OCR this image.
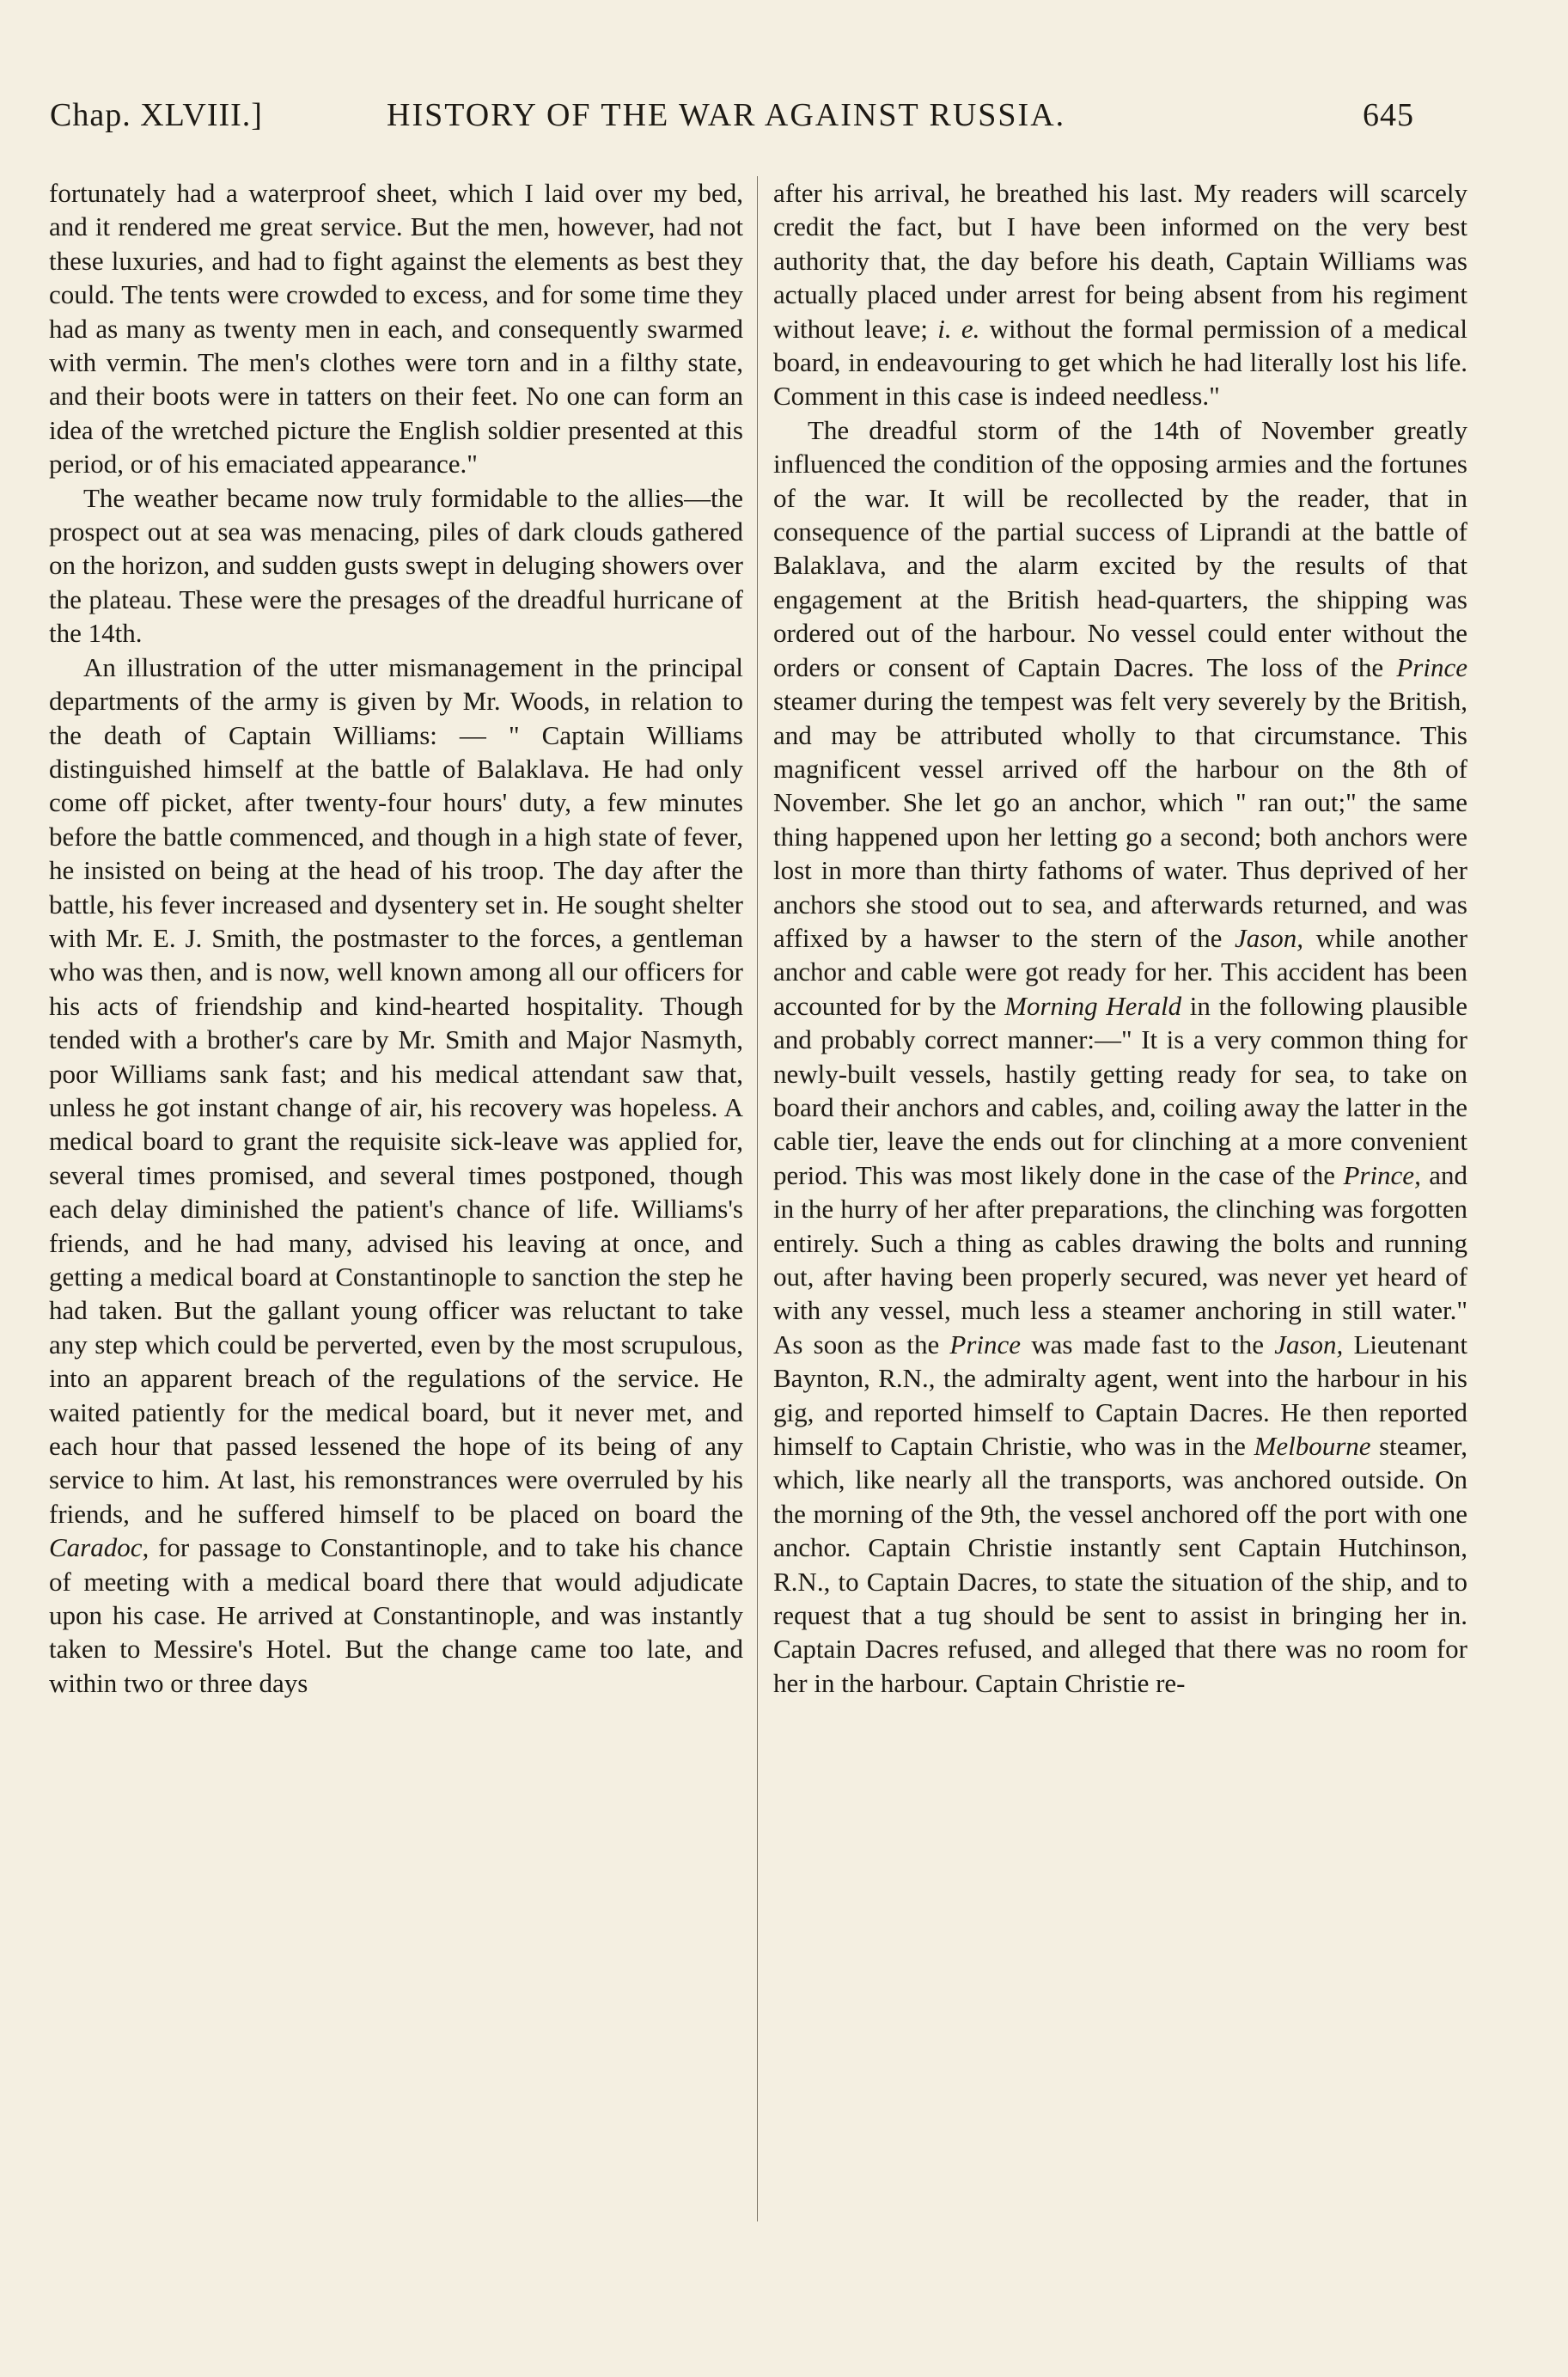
Chap. XLVIII.]	HISTORY OF THE WAR AGAINST RUSSIA.	645

fortunately had a waterproof sheet, which I laid over my bed, and it rendered me great service. But the men, however, had not these luxuries, and had to fight against the elements as best they could. The tents were crowded to excess, and for some time they had as many as twenty men in each, and consequently swarmed with vermin. The men's clothes were torn and in a filthy state, and their boots were in tatters on their feet. No one can form an idea of the wretched picture the English soldier presented at this period, or of his emaciated appearance."

The weather became now truly formidable to the allies—the prospect out at sea was menacing, piles of dark clouds gathered on the horizon, and sudden gusts swept in deluging showers over the plateau. These were the presages of the dreadful hurricane of the 14th.

An illustration of the utter mismanagement in the principal departments of the army is given by Mr. Woods, in relation to the death of Captain Williams: — " Captain Williams distinguished himself at the battle of Balaklava. He had only come off picket, after twenty-four hours' duty, a few minutes before the battle commenced, and though in a high state of fever, he insisted on being at the head of his troop. The day after the battle, his fever increased and dysentery set in. He sought shelter with Mr. E. J. Smith, the postmaster to the forces, a gentleman who was then, and is now, well known among all our officers for his acts of friendship and kind-hearted hospitality. Though tended with a brother's care by Mr. Smith and Major Nasmyth, poor Williams sank fast; and his medical attendant saw that, unless he got instant change of air, his recovery was hopeless. A medical board to grant the requisite sick-leave was applied for, several times promised, and several times postponed, though each delay diminished the patient's chance of life. Williams's friends, and he had many, advised his leaving at once, and getting a medical board at Constantinople to sanction the step he had taken. But the gallant young officer was reluctant to take any step which could be perverted, even by the most scrupulous, into an apparent breach of the regulations of the service. He waited patiently for the medical board, but it never met, and each hour that passed lessened the hope of its being of any service to him. At last, his remonstrances were overruled by his friends, and he suffered himself to be placed on board the Caradoc, for passage to Constantinople, and to take his chance of meeting with a medical board there that would adjudicate upon his case. He arrived at Constantinople, and was instantly taken to Messire's Hotel. But the change came too late, and within two or three days

after his arrival, he breathed his last. My readers will scarcely credit the fact, but I have been informed on the very best authority that, the day before his death, Captain Williams was actually placed under arrest for being absent from his regiment without leave; i. e. without the formal permission of a medical board, in endeavouring to get which he had literally lost his life. Comment in this case is indeed needless."

The dreadful storm of the 14th of November greatly influenced the condition of the opposing armies and the fortunes of the war. It will be recollected by the reader, that in consequence of the partial success of Liprandi at the battle of Balaklava, and the alarm excited by the results of that engagement at the British head-quarters, the shipping was ordered out of the harbour. No vessel could enter without the orders or consent of Captain Dacres. The loss of the Prince steamer during the tempest was felt very severely by the British, and may be attributed wholly to that circumstance. This magnificent vessel arrived off the harbour on the 8th of November. She let go an anchor, which " ran out;" the same thing happened upon her letting go a second; both anchors were lost in more than thirty fathoms of water. Thus deprived of her anchors she stood out to sea, and afterwards returned, and was affixed by a hawser to the stern of the Jason, while another anchor and cable were got ready for her. This accident has been accounted for by the Morning Herald in the following plausible and probably correct manner:—" It is a very common thing for newly-built vessels, hastily getting ready for sea, to take on board their anchors and cables, and, coiling away the latter in the cable tier, leave the ends out for clinching at a more convenient period. This was most likely done in the case of the Prince, and in the hurry of her after preparations, the clinching was forgotten entirely. Such a thing as cables drawing the bolts and running out, after having been properly secured, was never yet heard of with any vessel, much less a steamer anchoring in still water." As soon as the Prince was made fast to the Jason, Lieutenant Baynton, R.N., the admiralty agent, went into the harbour in his gig, and reported himself to Captain Dacres. He then reported himself to Captain Christie, who was in the Melbourne steamer, which, like nearly all the transports, was anchored outside. On the morning of the 9th, the vessel anchored off the port with one anchor. Captain Christie instantly sent Captain Hutchinson, R.N., to Captain Dacres, to state the situation of the ship, and to request that a tug should be sent to assist in bringing her in. Captain Dacres refused, and alleged that there was no room for her in the harbour. Captain Christie re-
